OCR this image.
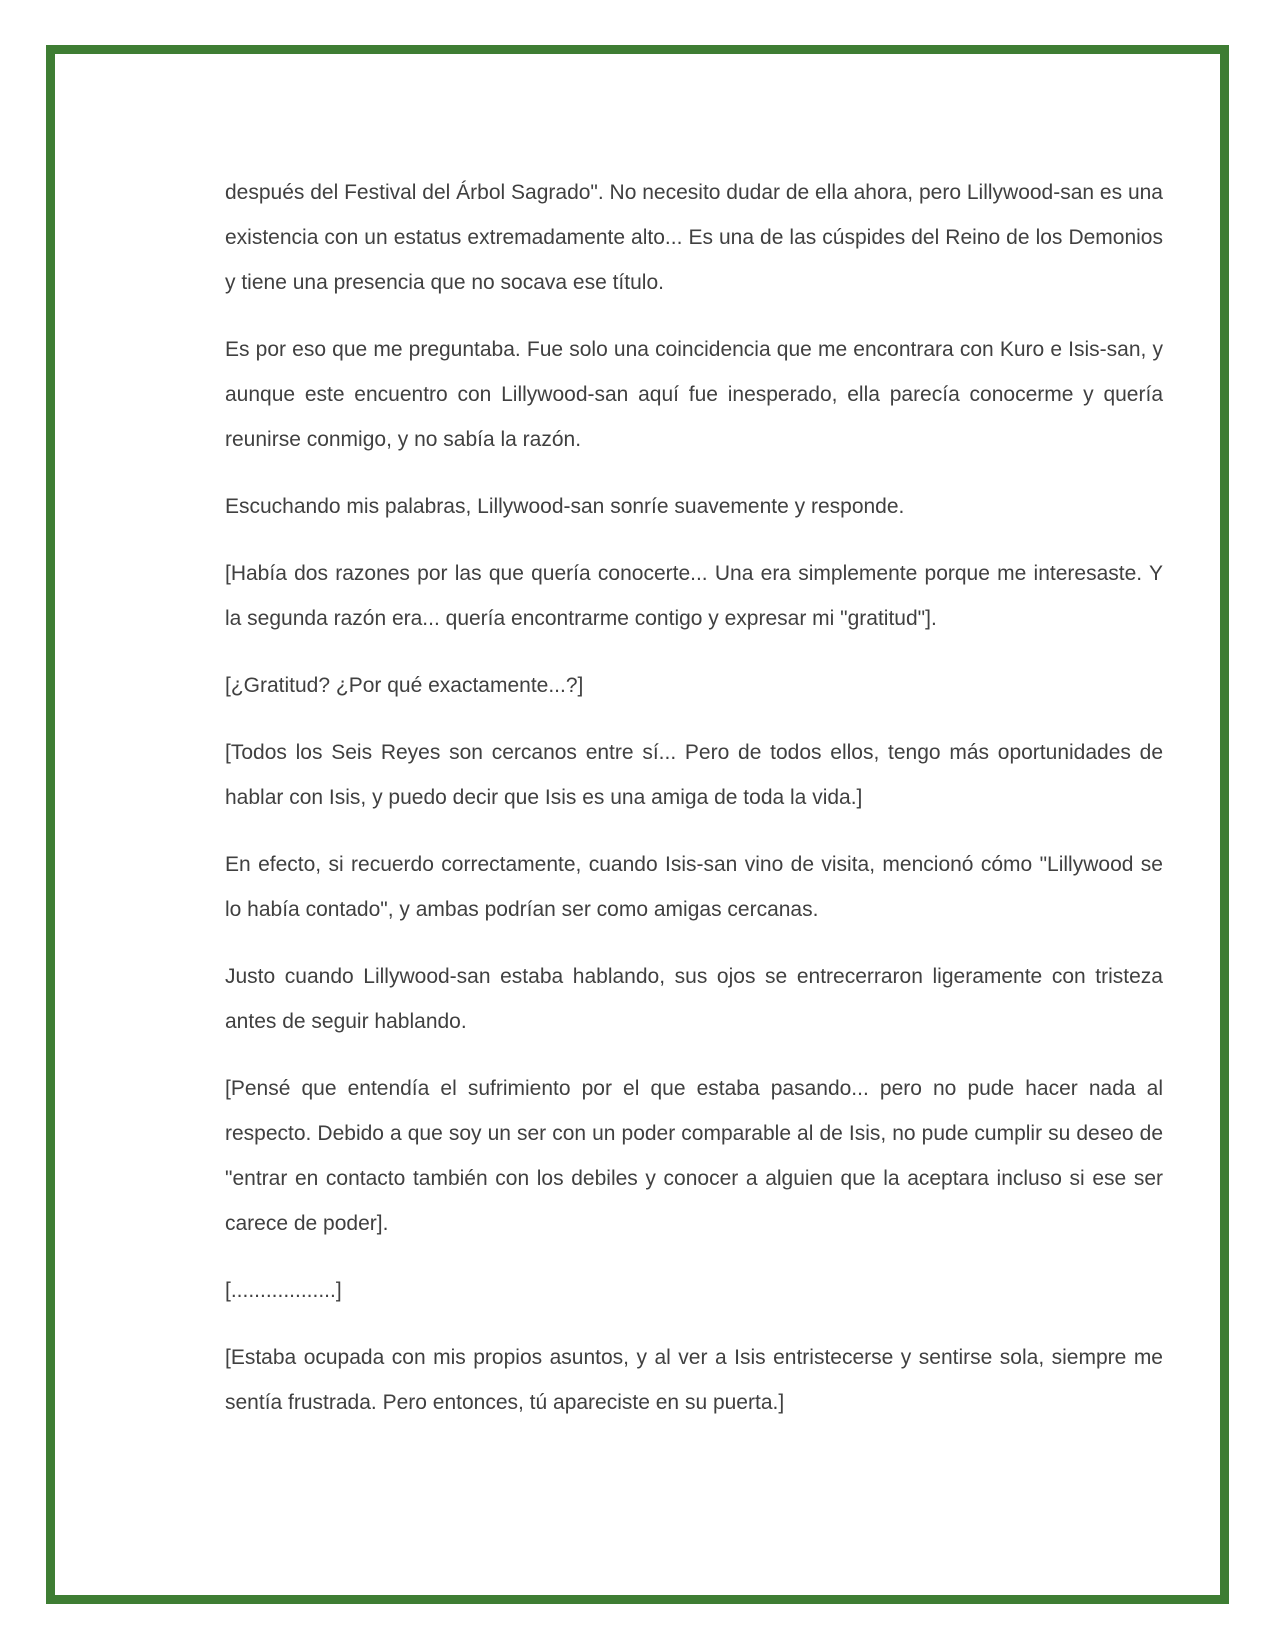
después del Festival del Árbol Sagrado". No necesito dudar de ella ahora, pero Lillywood-san es una existencia con un estatus extremadamente alto... Es una de las cúspides del Reino de los Demonios y tiene una presencia que no socava ese título.

Es por eso que me preguntaba. Fue solo una coincidencia que me encontrara con Kuro e Isis-san, y aunque este encuentro con Lillywood-san aquí fue inesperado, ella parecía conocerme y quería reunirse conmigo, y no sabía la razón.

Escuchando mis palabras, Lillywood-san sonríe suavemente y responde.

[Había dos razones por las que quería conocerte... Una era simplemente porque me interesaste. Y la segunda razón era... quería encontrarme contigo y expresar mi "gratitud"].

[¿Gratitud? ¿Por qué exactamente...?]

[Todos los Seis Reyes son cercanos entre sí... Pero de todos ellos, tengo más oportunidades de hablar con Isis, y puedo decir que Isis es una amiga de toda la vida.]

En efecto, si recuerdo correctamente, cuando Isis-san vino de visita, mencionó cómo "Lillywood se lo había contado", y ambas podrían ser como amigas cercanas.

Justo cuando Lillywood-san estaba hablando, sus ojos se entrecerraron ligeramente con tristeza antes de seguir hablando.

[Pensé que entendía el sufrimiento por el que estaba pasando... pero no pude hacer nada al respecto. Debido a que soy un ser con un poder comparable al de Isis, no pude cumplir su deseo de "entrar en contacto también con los debiles y conocer a alguien que la aceptara incluso si ese ser carece de poder].

[..................]

[Estaba ocupada con mis propios asuntos, y al ver a Isis entristecerse y sentirse sola, siempre me sentía frustrada. Pero entonces, tú apareciste en su puerta.]
